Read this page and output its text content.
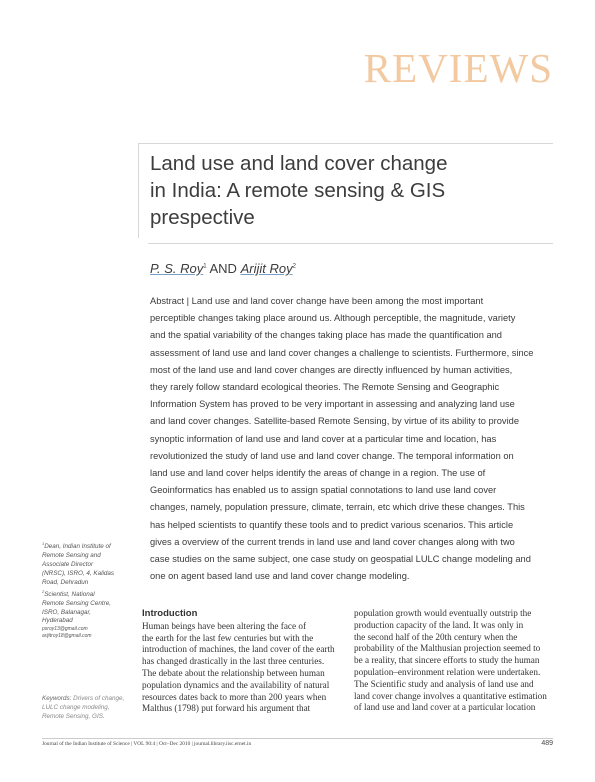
REVIEWS
Land use and land cover change
in India: A remote sensing & GIS
prespective
P. S. Roy$^1$ AND Arijit Roy$^2$
Abstract | Land use and land cover change have been among the most important
perceptible changes taking place around us. Although perceptible, the magnitude, variety
and the spatial variability of the changes taking place has made the quantification and
assessment of land use and land cover changes a challenge to scientists. Furthermore, since
most of the land use and land cover changes are directly influenced by human activities,
they rarely follow standard ecological theories. The Remote Sensing and Geographic
Information System has proved to be very important in assessing and analyzing land use
and land cover changes. Satellite-based Remote Sensing, by virtue of its ability to provide
synoptic information of land use and land cover at a particular time and location, has
revolutionized the study of land use and land cover change. The temporal information on
land use and land cover helps identify the areas of change in a region. The use of
Geoinformatics has enabled us to assign spatial connotations to land use land cover
changes, namely, population pressure, climate, terrain, etc which drive these changes. This
has helped scientists to quantify these tools and to predict various scenarios. This article
gives a overview of the current trends in land use and land cover changes along with two
case studies on the same subject, one case study on geospatial LULC change modeling and
one on agent based land use and land cover change modeling.
$^1$Dean, Indian Institute of
Remote Sensing and
Associate Director
(NRSC), ISRO, 4, Kalidas
Road, Dehradun
$^2$Scientist, National
Remote Sensing Centre,
ISRO, Balanagar,
Hyderabad
psroy13@gmail.com
arijitroy18@gmail.com
Keywords: Drivers of change,
LULC change modeling,
Remote Sensing, GIS.
Introduction
Human beings have been altering the face of
the earth for the last few centuries but with the
introduction of machines, the land cover of the earth
has changed drastically in the last three centuries.
The debate about the relationship between human
population dynamics and the availability of natural
resources dates back to more than 200 years when
Malthus (1798) put forward his argument that
population growth would eventually outstrip the
production capacity of the land. It was only in
the second half of the 20th century when the
probability of the Malthusian projection seemed to
be a reality, that sincere efforts to study the human
population–environment relation were undertaken.
The Scientific study and analysis of land use and
land cover change involves a quantitative estimation
of land use and land cover at a particular location
Journal of the Indian Institute of Science | VOL 90:4 | Oct–Dec 2010 | journal.library.iisc.ernet.in	489
